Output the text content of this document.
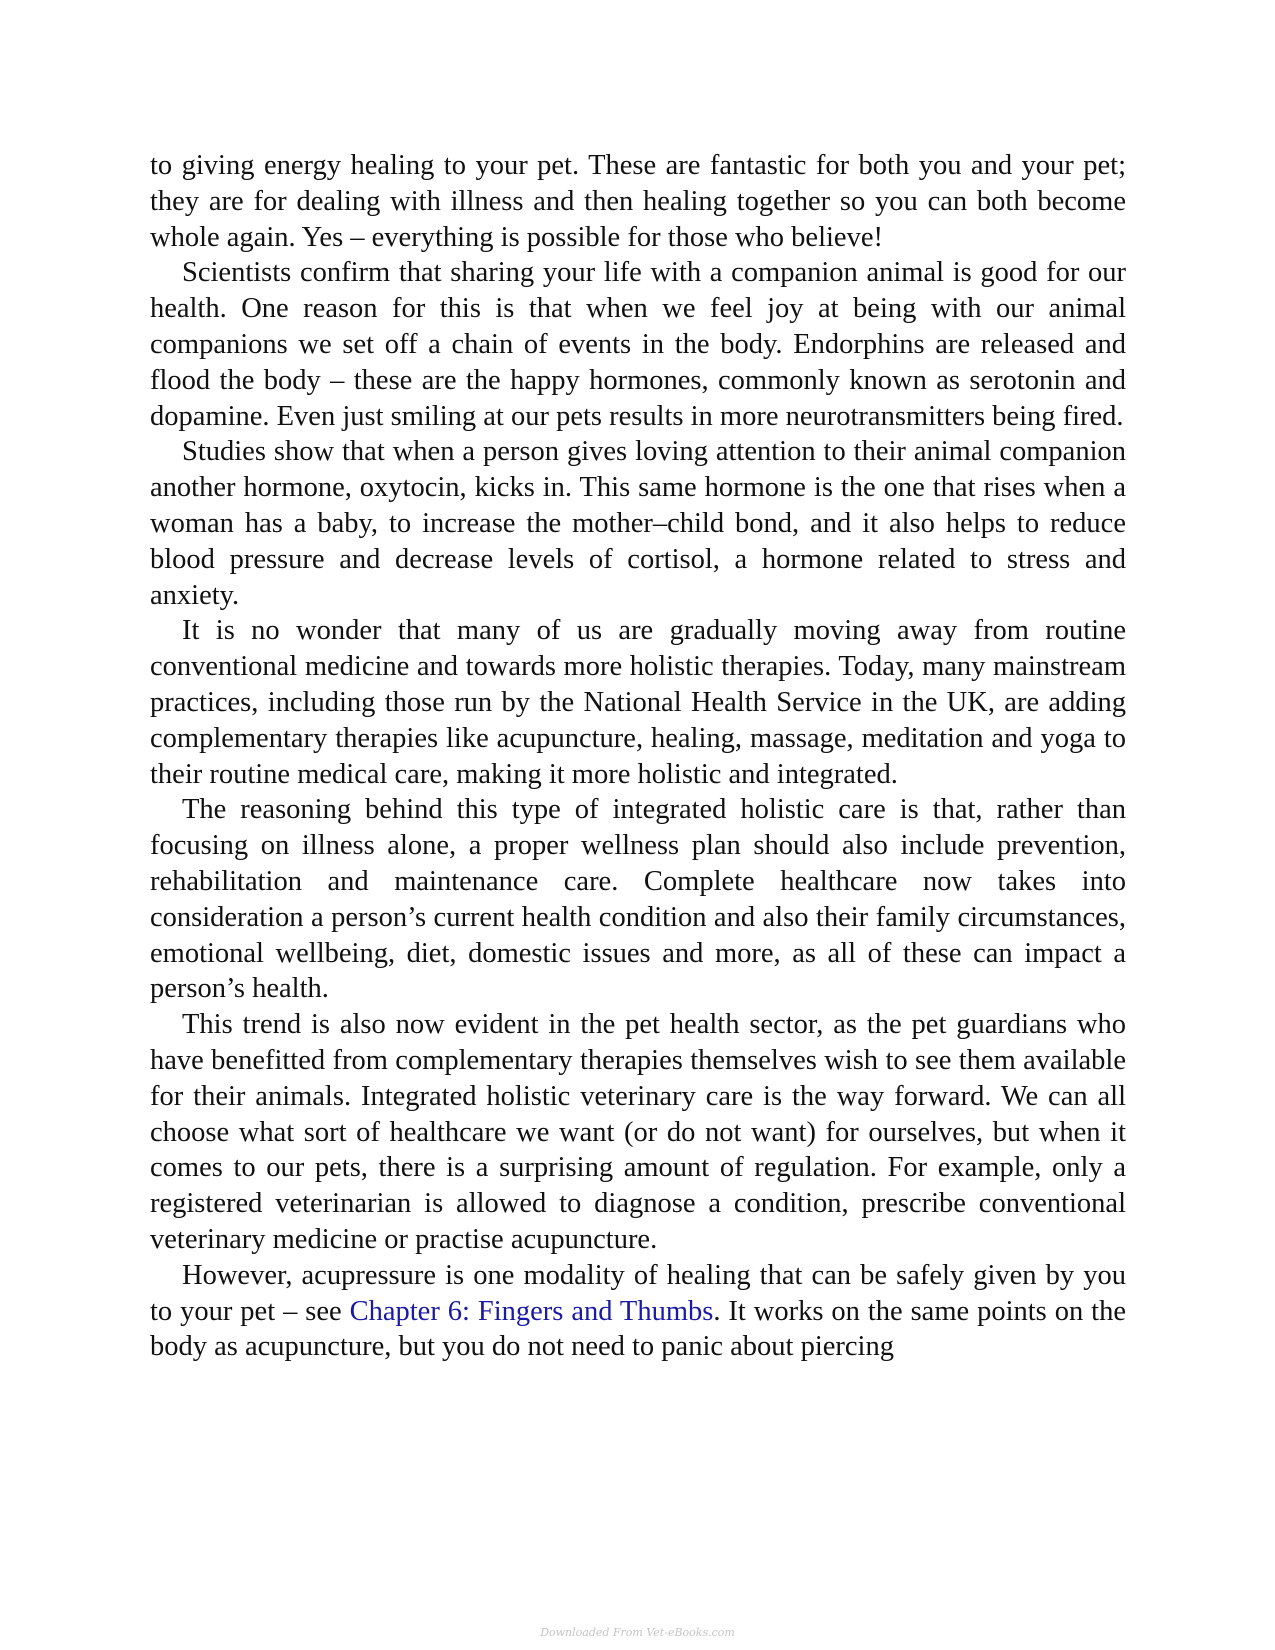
to giving energy healing to your pet. These are fantastic for both you and your pet; they are for dealing with illness and then healing together so you can both become whole again. Yes – everything is possible for those who believe!

Scientists confirm that sharing your life with a companion animal is good for our health. One reason for this is that when we feel joy at being with our animal companions we set off a chain of events in the body. Endorphins are released and flood the body – these are the happy hormones, commonly known as serotonin and dopamine. Even just smiling at our pets results in more neurotransmitters being fired.

Studies show that when a person gives loving attention to their animal companion another hormone, oxytocin, kicks in. This same hormone is the one that rises when a woman has a baby, to increase the mother–child bond, and it also helps to reduce blood pressure and decrease levels of cortisol, a hormone related to stress and anxiety.

It is no wonder that many of us are gradually moving away from routine conventional medicine and towards more holistic therapies. Today, many mainstream practices, including those run by the National Health Service in the UK, are adding complementary therapies like acupuncture, healing, massage, meditation and yoga to their routine medical care, making it more holistic and integrated.

The reasoning behind this type of integrated holistic care is that, rather than focusing on illness alone, a proper wellness plan should also include prevention, rehabilitation and maintenance care. Complete healthcare now takes into consideration a person’s current health condition and also their family circumstances, emotional wellbeing, diet, domestic issues and more, as all of these can impact a person’s health.

This trend is also now evident in the pet health sector, as the pet guardians who have benefitted from complementary therapies themselves wish to see them available for their animals. Integrated holistic veterinary care is the way forward. We can all choose what sort of healthcare we want (or do not want) for ourselves, but when it comes to our pets, there is a surprising amount of regulation. For example, only a registered veterinarian is allowed to diagnose a condition, prescribe conventional veterinary medicine or practise acupuncture.

However, acupressure is one modality of healing that can be safely given by you to your pet – see Chapter 6: Fingers and Thumbs. It works on the same points on the body as acupuncture, but you do not need to panic about piercing

Downloaded From Vet-eBooks.com
